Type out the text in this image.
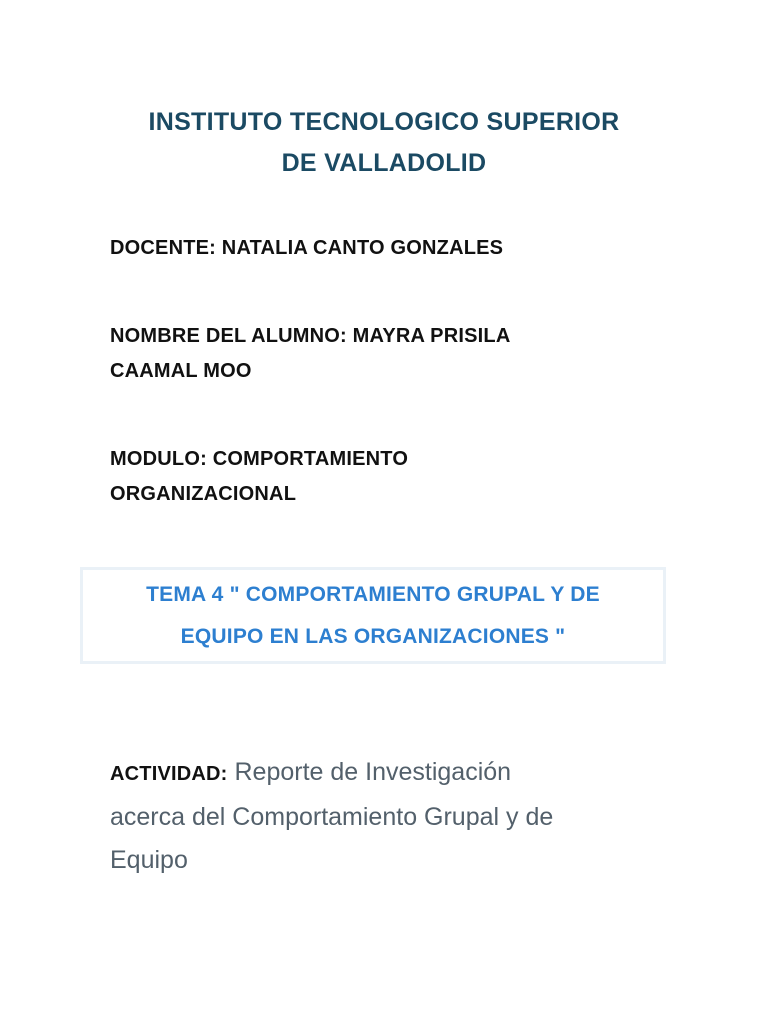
INSTITUTO TECNOLOGICO SUPERIOR
DE VALLADOLID
DOCENTE: NATALIA CANTO GONZALES
NOMBRE DEL ALUMNO: MAYRA PRISILA
CAAMAL MOO
MODULO: COMPORTAMIENTO
ORGANIZACIONAL
TEMA 4 " COMPORTAMIENTO GRUPAL Y DE
EQUIPO EN LAS ORGANIZACIONES "
ACTIVIDAD: Reporte de Investigación
acerca del Comportamiento Grupal y de
Equipo
